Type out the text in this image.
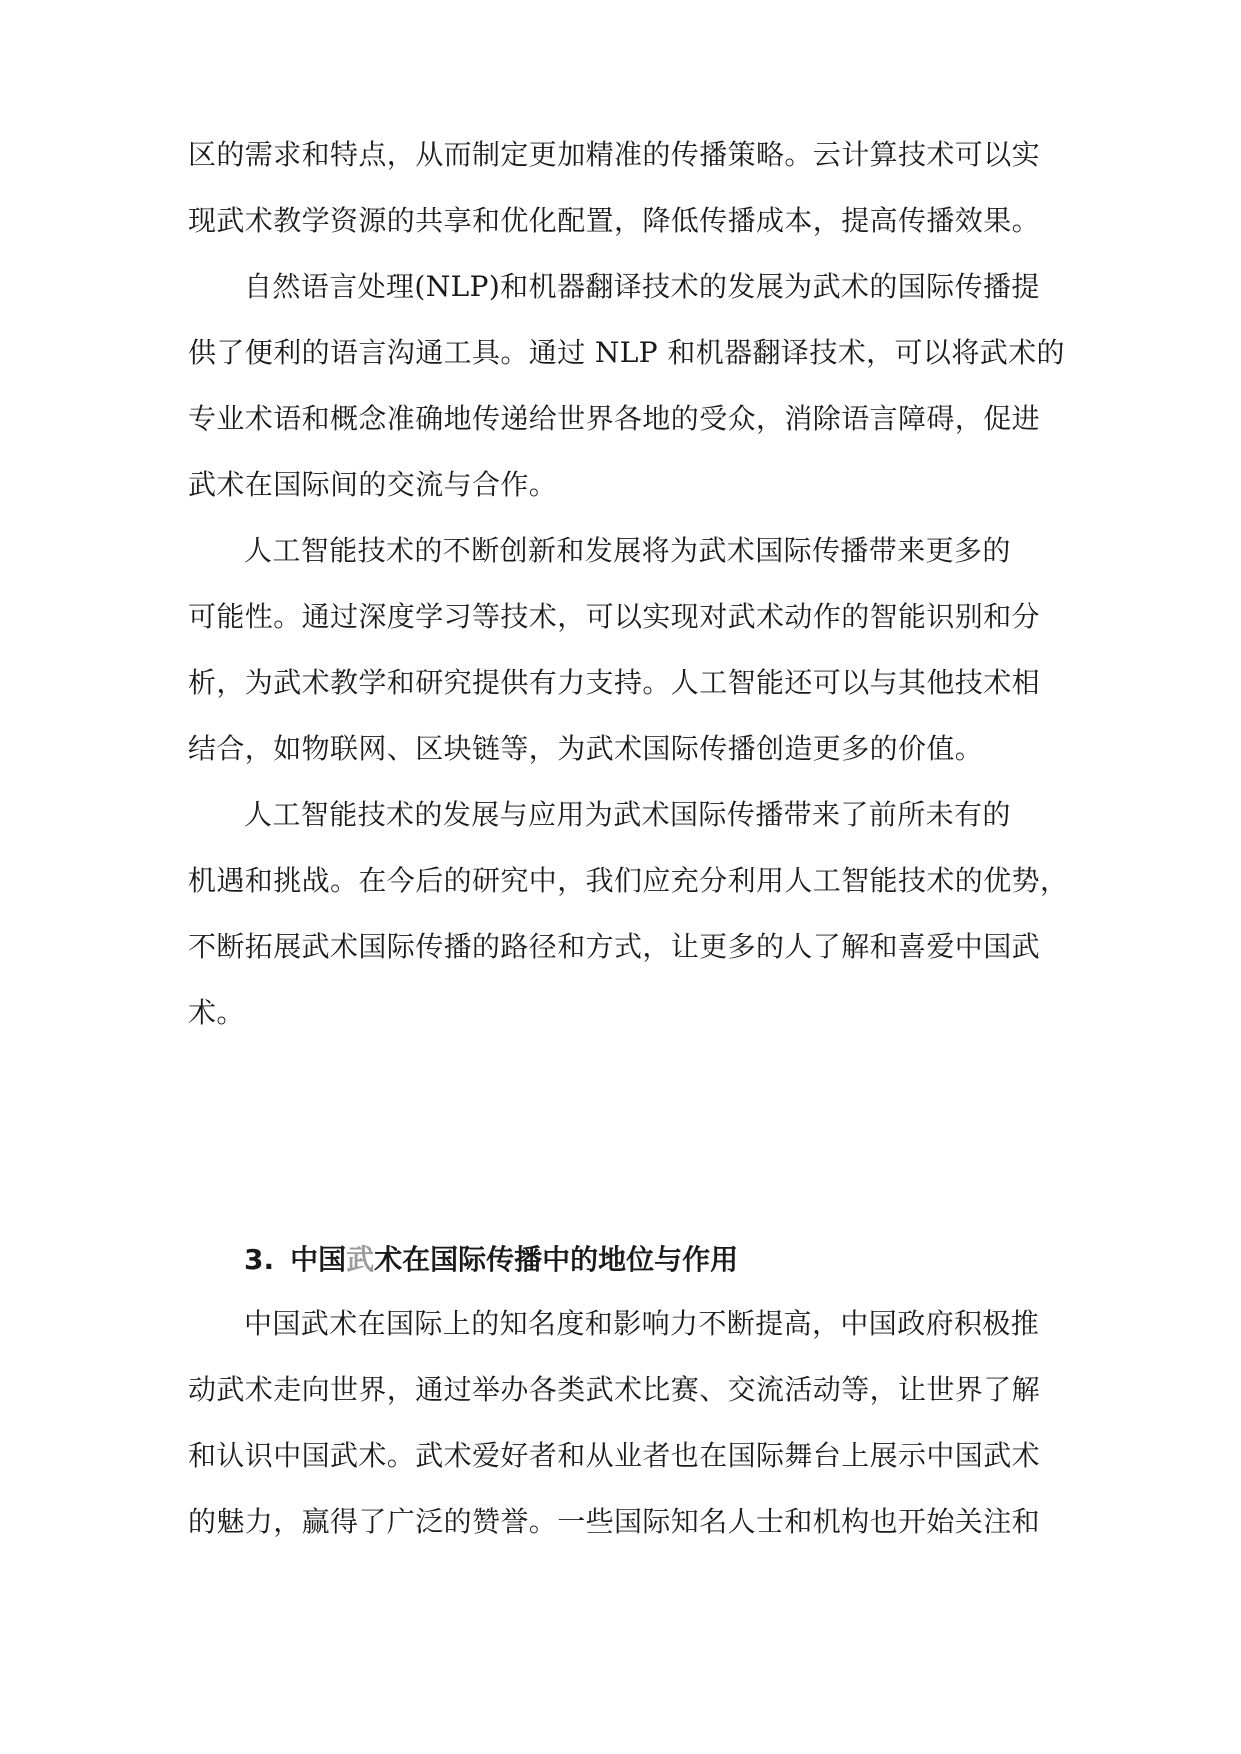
区的需求和特点，从而制定更加精准的传播策略。云计算技术可以实
现武术教学资源的共享和优化配置，降低传播成本，提高传播效果。
自然语言处理(NLP)和机器翻译技术的发展为武术的国际传播提
供了便利的语言沟通工具。通过 NLP 和机器翻译技术，可以将武术的
专业术语和概念准确地传递给世界各地的受众，消除语言障碍，促进
武术在国际间的交流与合作。
人工智能技术的不断创新和发展将为武术国际传播带来更多的
可能性。通过深度学习等技术，可以实现对武术动作的智能识别和分
析，为武术教学和研究提供有力支持。人工智能还可以与其他技术相
结合，如物联网、区块链等，为武术国际传播创造更多的价值。
人工智能技术的发展与应用为武术国际传播带来了前所未有的
机遇和挑战。在今后的研究中，我们应充分利用人工智能技术的优势，
不断拓展武术国际传播的路径和方式，让更多的人了解和喜爱中国武
术。
3. 中国武术在国际传播中的地位与作用
中国武术在国际上的知名度和影响力不断提高，中国政府积极推
动武术走向世界，通过举办各类武术比赛、交流活动等，让世界了解
和认识中国武术。武术爱好者和从业者也在国际舞台上展示中国武术
的魅力，赢得了广泛的赞誉。一些国际知名人士和机构也开始关注和
